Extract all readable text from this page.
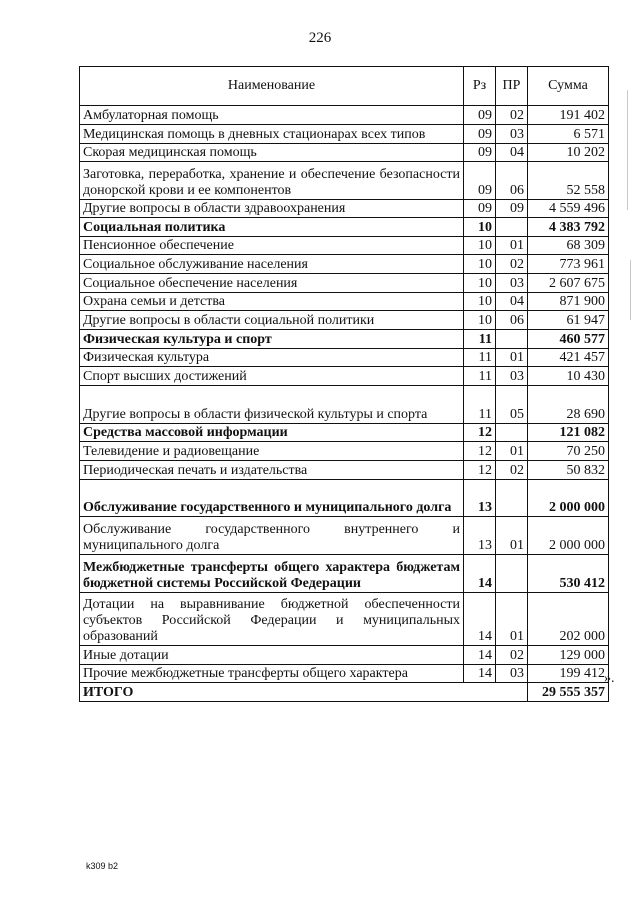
226
Наименование	Рз	ПР	Сумма
Амбулаторная помощь	09	02	191 402
Медицинская помощь в дневных стационарах всех типов	09	03	6 571
Скорая медицинская помощь	09	04	10 202
Заготовка, переработка, хранение и обеспечение безопасности донорской крови и ее компонентов	09	06	52 558
Другие вопросы в области здравоохранения	09	09	4 559 496
Социальная политика	10		4 383 792
Пенсионное обеспечение	10	01	68 309
Социальное обслуживание населения	10	02	773 961
Социальное обеспечение населения	10	03	2 607 675
Охрана семьи и детства	10	04	871 900
Другие вопросы в области социальной политики	10	06	61 947
Физическая культура и спорт	11		460 577
Физическая культура	11	01	421 457
Спорт высших достижений	11	03	10 430
Другие вопросы в области физической культуры и спорта	11	05	28 690
Средства массовой информации	12		121 082
Телевидение и радиовещание	12	01	70 250
Периодическая печать и издательства	12	02	50 832
Обслуживание государственного и муниципального долга	13		2 000 000
Обслуживание государственного внутреннего и муниципального долга	13	01	2 000 000
Межбюджетные трансферты общего характера бюджетам бюджетной системы Российской Федерации	14		530 412
Дотации на выравнивание бюджетной обеспеченности субъектов Российской Федерации и муниципальных образований	14	01	202 000
Иные дотации	14	02	129 000
Прочие межбюджетные трансферты общего характера	14	03	199 412
ИТОГО			29 555 357
».
k309 b2
